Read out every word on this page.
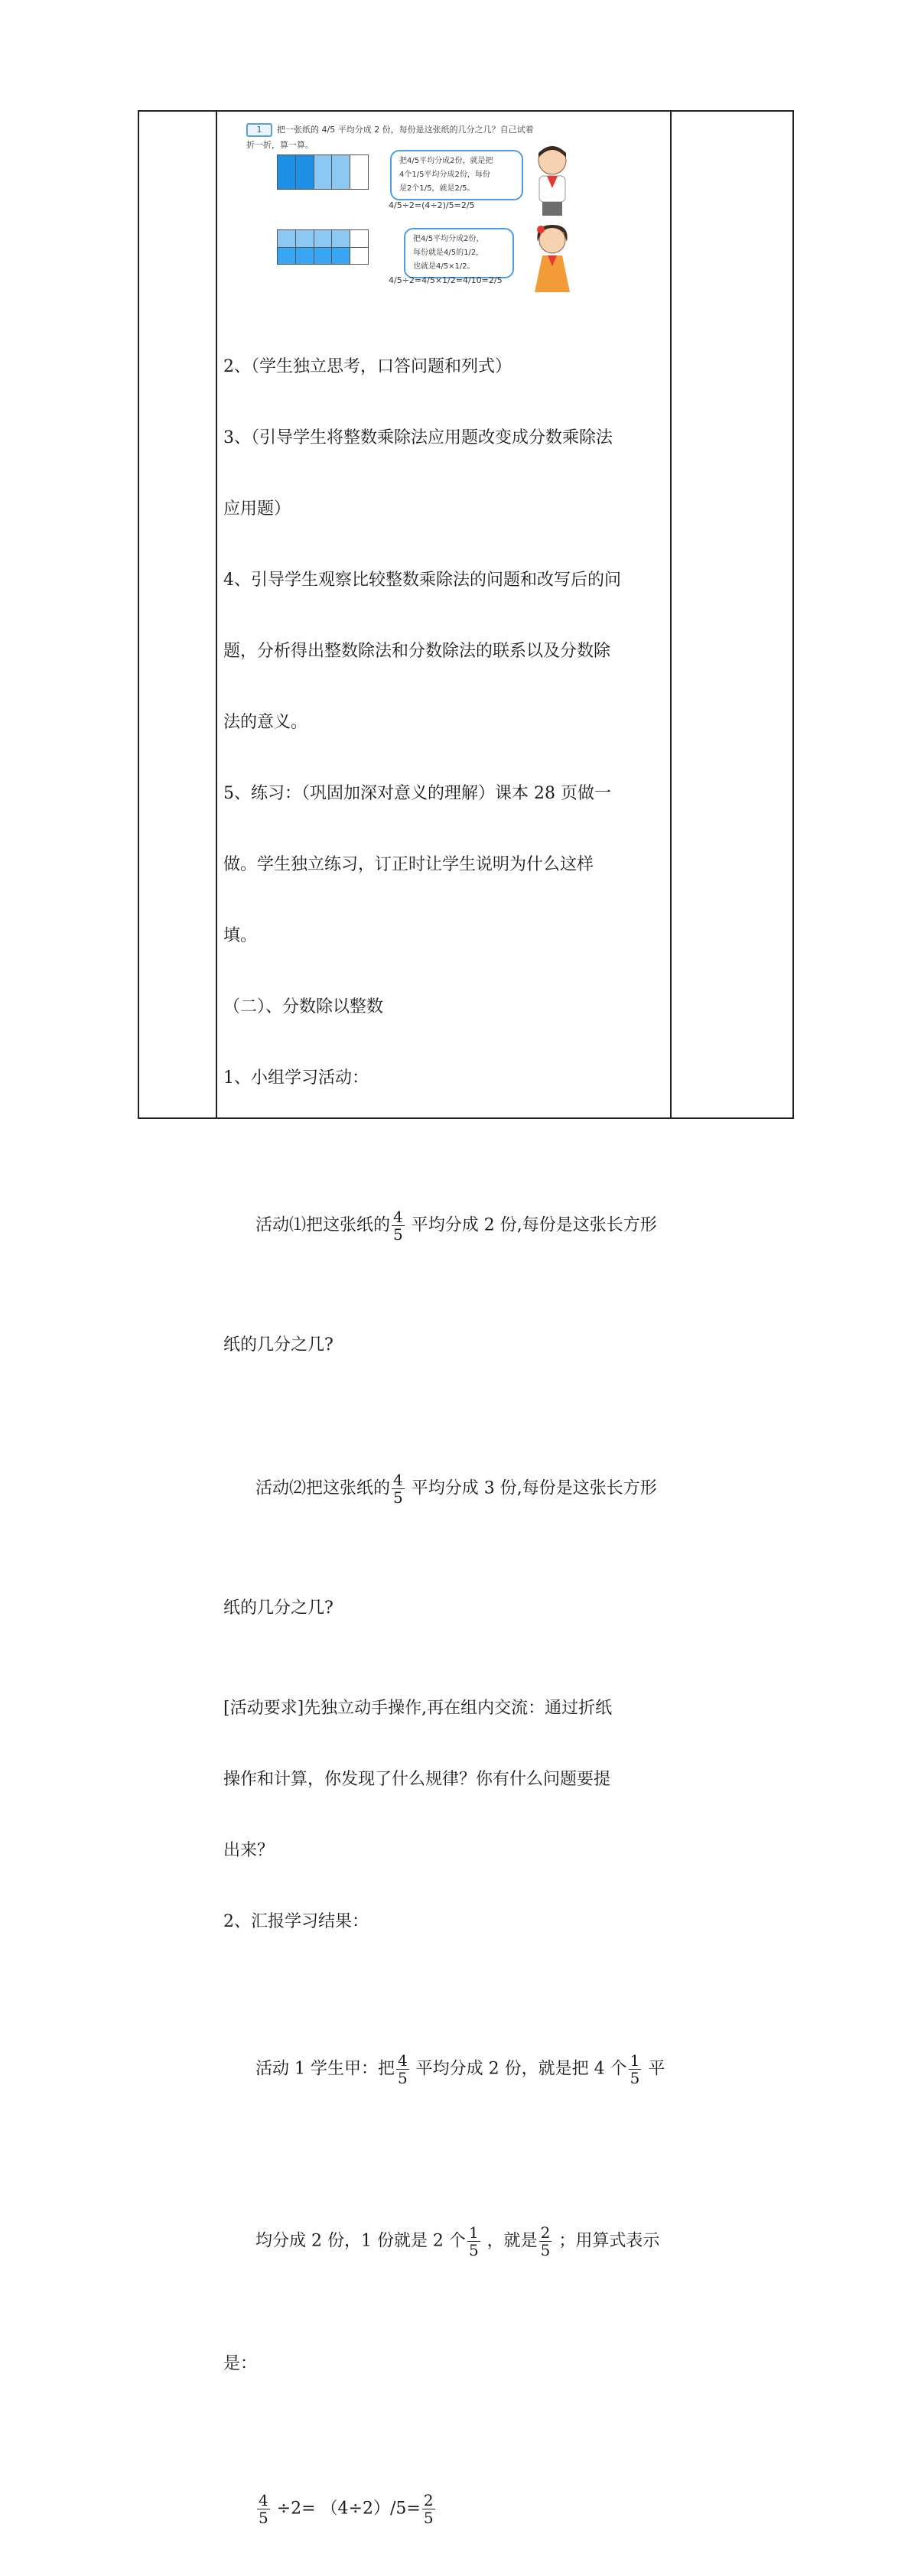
1 把一张纸的 4/5 平均分成 2 份，每份是这张纸的几分之几？自己试着
折一折，算一算。
把4/5平均分成2份，就是把
4个1/5平均分成2份，每份
是2个1/5，就是2/5。
4/5÷2=(4÷2)/5=2/5
把4/5平均分成2份，
每份就是4/5的1/2，
也就是4/5×1/2。
4/5÷2=4/5×1/2=4/10=2/5

2、（学生独立思考，口答问题和列式）

3、（引导学生将整数乘除法应用题改变成分数乘除法

应用题）

4、引导学生观察比较整数乘除法的问题和改写后的问

题，分析得出整数除法和分数除法的联系以及分数除

法的意义。

5、练习：（巩固加深对意义的理解）课本 28 页做一

做。学生独立练习，订正时让学生说明为什么这样

填。

（二）、分数除以整数

1、小组学习活动：

活动⑴把这张纸的 $\frac{4}{5}$ 平均分成 2 份,每份是这张长方形

纸的几分之几?

活动⑵把这张纸的 $\frac{4}{5}$ 平均分成 3 份,每份是这张长方形

纸的几分之几?

[活动要求]先独立动手操作,再在组内交流：通过折纸

操作和计算，你发现了什么规律？你有什么问题要提

出来？

2、汇报学习结果：

活动 1 学生甲：把 $\frac{4}{5}$ 平均分成 2 份，就是把 4 个 $\frac{1}{5}$ 平

均分成 2 份，1 份就是 2 个 $\frac{1}{5}$ ，就是 $\frac{2}{5}$ ；用算式表示

是：

$\frac{4}{5} \div 2= (4\div 2)/5= \frac{2}{5}$
